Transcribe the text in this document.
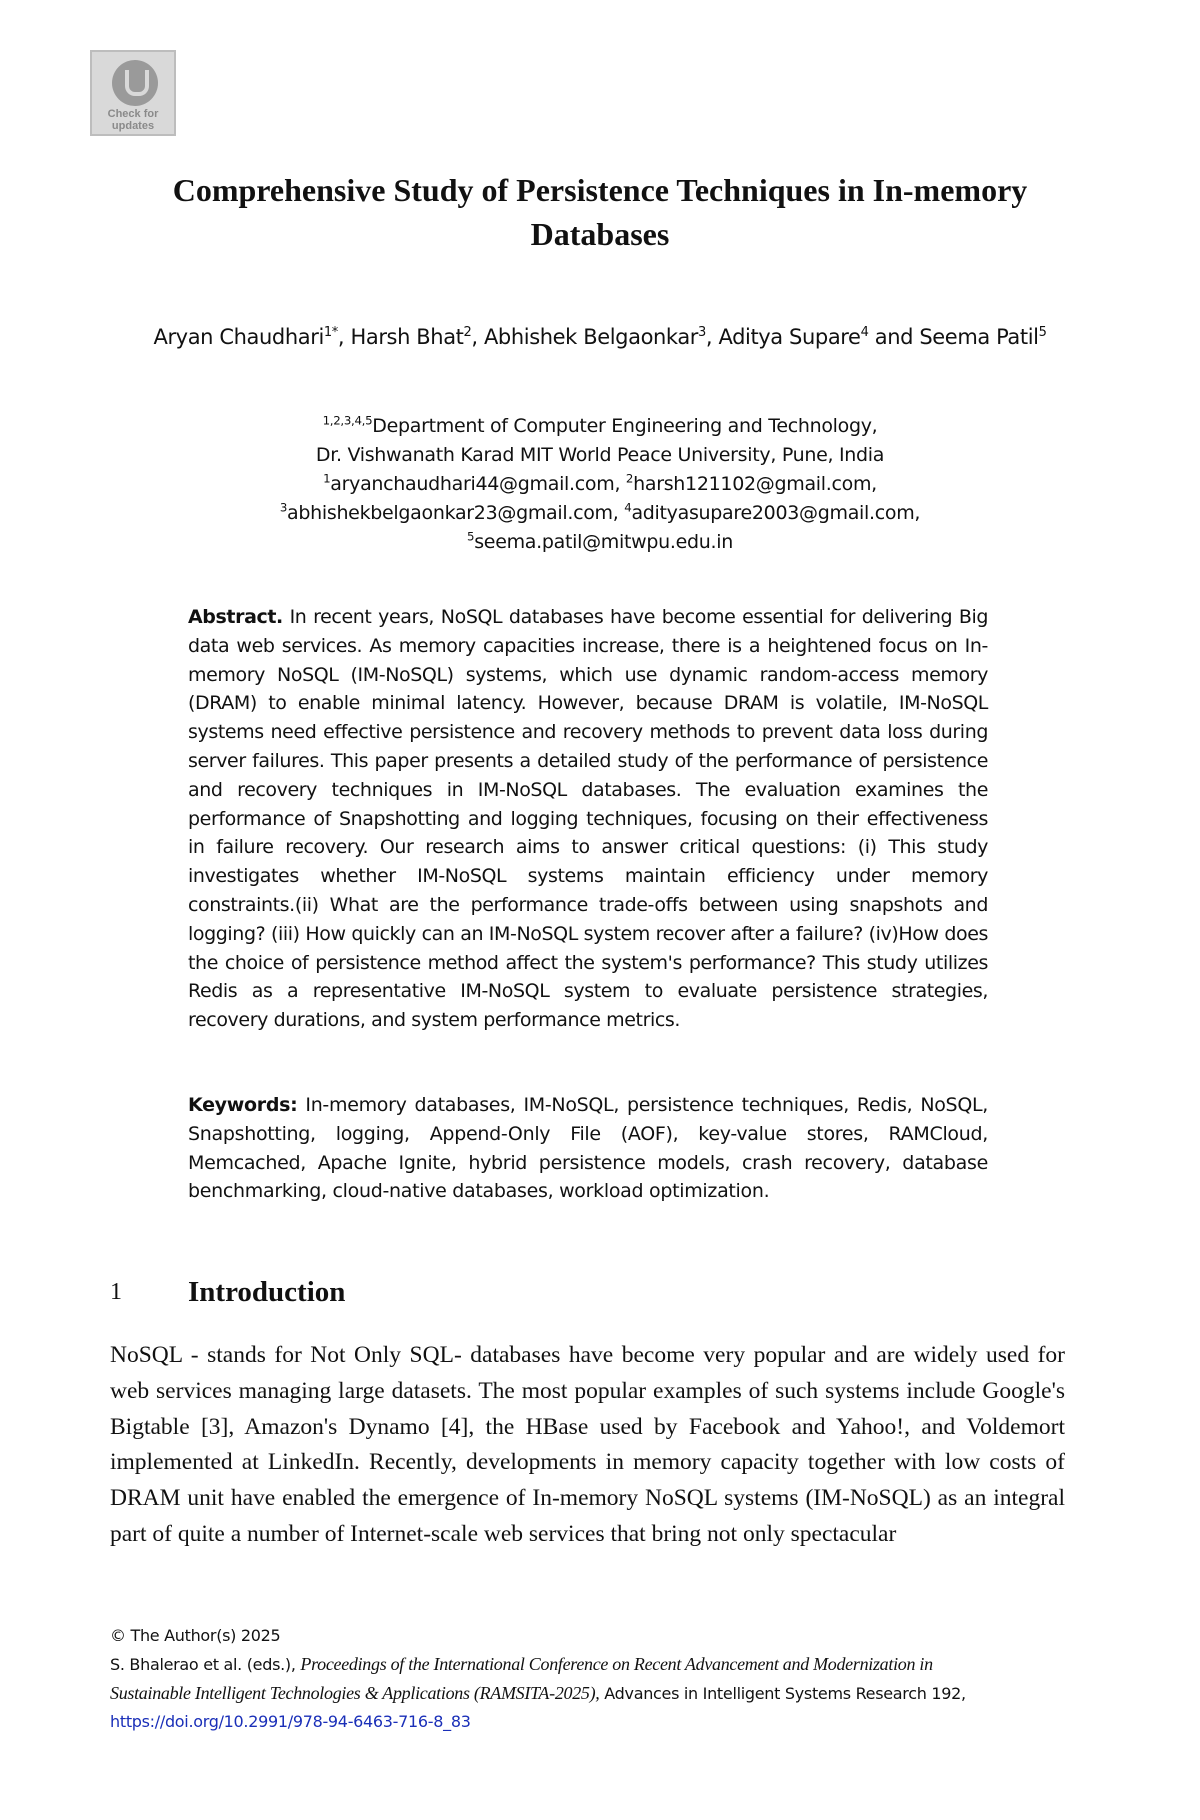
Check for
updates
Comprehensive Study of Persistence Techniques in In-memory Databases
Aryan Chaudhari$^{1*}$, Harsh Bhat$^2$, Abhishek Belgaonkar$^3$, Aditya Supare$^4$ and Seema Patil$^5$
$^{1,2,3,4,5}$Department of Computer Engineering and Technology,
Dr. Vishwanath Karad MIT World Peace University, Pune, India
$^1$aryanchaudhari44@gmail.com, $^2$harsh121102@gmail.com,
$^3$abhishekbelgaonkar23@gmail.com, $^4$adityasupare2003@gmail.com,
$^5$seema.patil@mitwpu.edu.in
Abstract. In recent years, NoSQL databases have become essential for delivering Big data web services. As memory capacities increase, there is a heightened focus on In-memory NoSQL (IM-NoSQL) systems, which use dynamic random-access memory (DRAM) to enable minimal latency. However, because DRAM is volatile, IM-NoSQL systems need effective persistence and recovery methods to prevent data loss during server failures. This paper presents a detailed study of the performance of persistence and recovery techniques in IM-NoSQL databases. The evaluation examines the performance of Snapshotting and logging techniques, focusing on their effectiveness in failure recovery. Our research aims to answer critical questions: (i) This study investigates whether IM-NoSQL systems maintain efficiency under memory constraints.(ii) What are the performance trade-offs between using snapshots and logging? (iii) How quickly can an IM-NoSQL system recover after a failure? (iv)How does the choice of persistence method affect the system's performance? This study utilizes Redis as a representative IM-NoSQL system to evaluate persistence strategies, recovery durations, and system performance metrics.
Keywords: In-memory databases, IM-NoSQL, persistence techniques, Redis, NoSQL, Snapshotting, logging, Append-Only File (AOF), key-value stores, RAMCloud, Memcached, Apache Ignite, hybrid persistence models, crash recovery, database benchmarking, cloud-native databases, workload optimization.
1 Introduction

NoSQL - stands for Not Only SQL- databases have become very popular and are widely used for web services managing large datasets. The most popular examples of such systems include Google's Bigtable [3], Amazon's Dynamo [4], the HBase used by Facebook and Yahoo!, and Voldemort implemented at LinkedIn. Recently, developments in memory capacity together with low costs of DRAM unit have enabled the emergence of In-memory NoSQL systems (IM-NoSQL) as an integral part of quite a number of Internet-scale web services that bring not only spectacular

© The Author(s) 2025
S. Bhalerao et al. (eds.), Proceedings of the International Conference on Recent Advancement and Modernization in Sustainable Intelligent Technologies & Applications (RAMSITA-2025), Advances in Intelligent Systems Research 192,
https://doi.org/10.2991/978-94-6463-716-8_83
